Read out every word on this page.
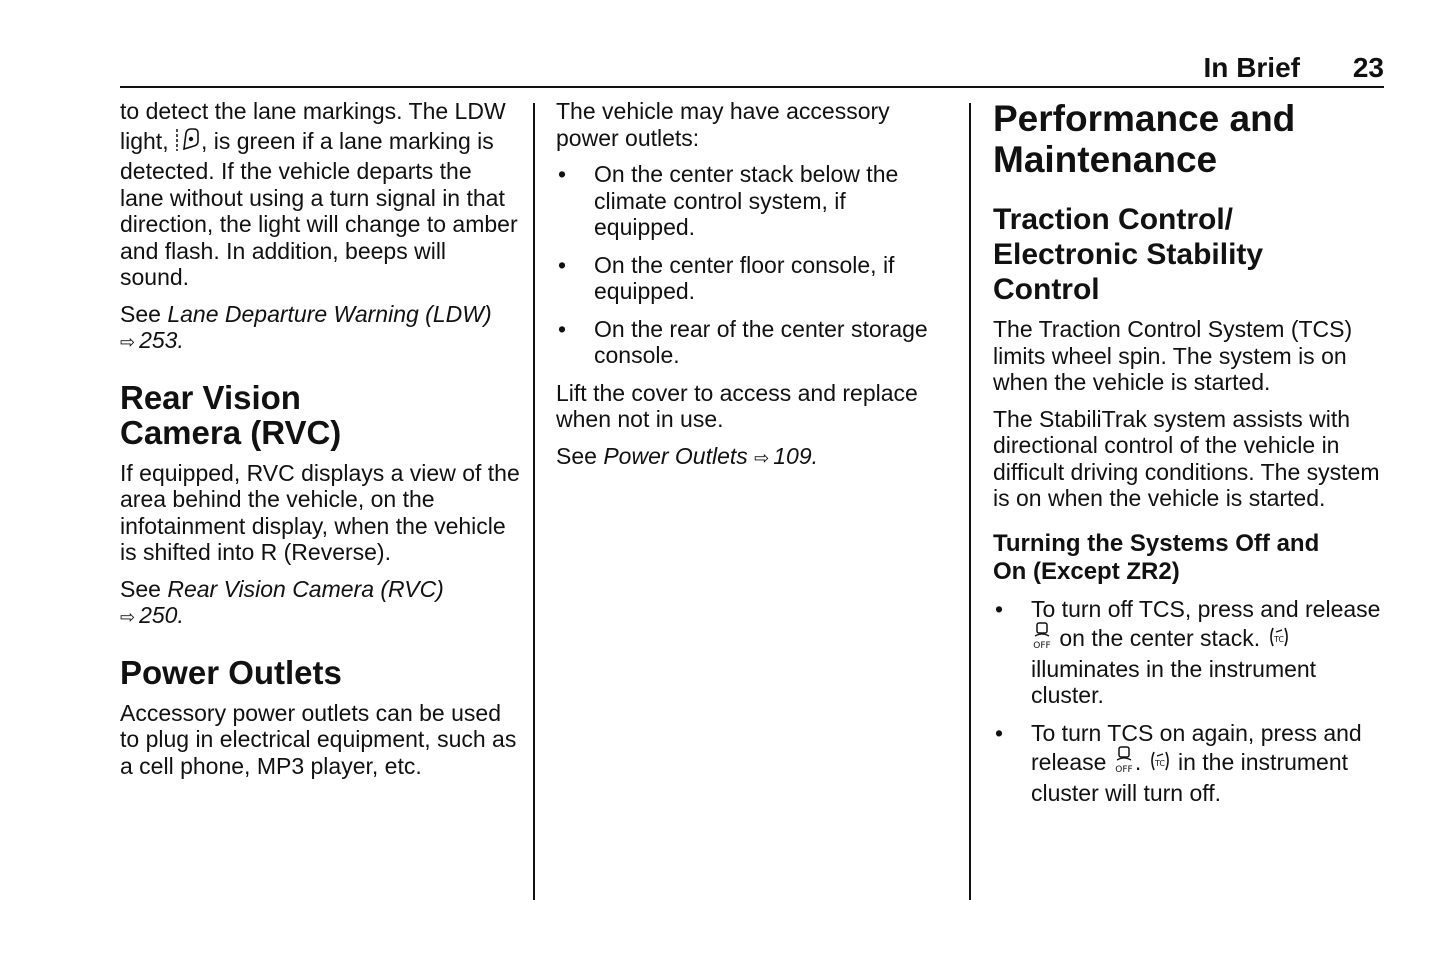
In Brief 23

to detect the lane markings. The LDW light, , is green if a lane marking is detected. If the vehicle departs the lane without using a turn signal in that direction, the light will change to amber and flash. In addition, beeps will sound.

See Lane Departure Warning (LDW)
⇨ 253.

Rear Vision
Camera (RVC)

If equipped, RVC displays a view of the area behind the vehicle, on the infotainment display, when the vehicle is shifted into R (Reverse).

See Rear Vision Camera (RVC)
⇨ 250.

Power Outlets

Accessory power outlets can be used to plug in electrical equipment, such as a cell phone, MP3 player, etc.

The vehicle may have accessory power outlets:

• On the center stack below the climate control system, if equipped.
• On the center floor console, if equipped.
• On the rear of the center storage console.

Lift the cover to access and replace when not in use.

See Power Outlets ⇨ 109.

Performance and
Maintenance
Traction Control/
Electronic Stability
Control

The Traction Control System (TCS) limits wheel spin. The system is on when the vehicle is started.

The StabiliTrak system assists with directional control of the vehicle in difficult driving conditions. The system is on when the vehicle is started.

Turning the Systems Off and
On (Except ZR2)
• To turn off TCS, press and release
OFF on the center stack. TC
illuminates in the instrument cluster.
• To turn TCS on again, press and release OFF . TC in the instrument cluster will turn off.
